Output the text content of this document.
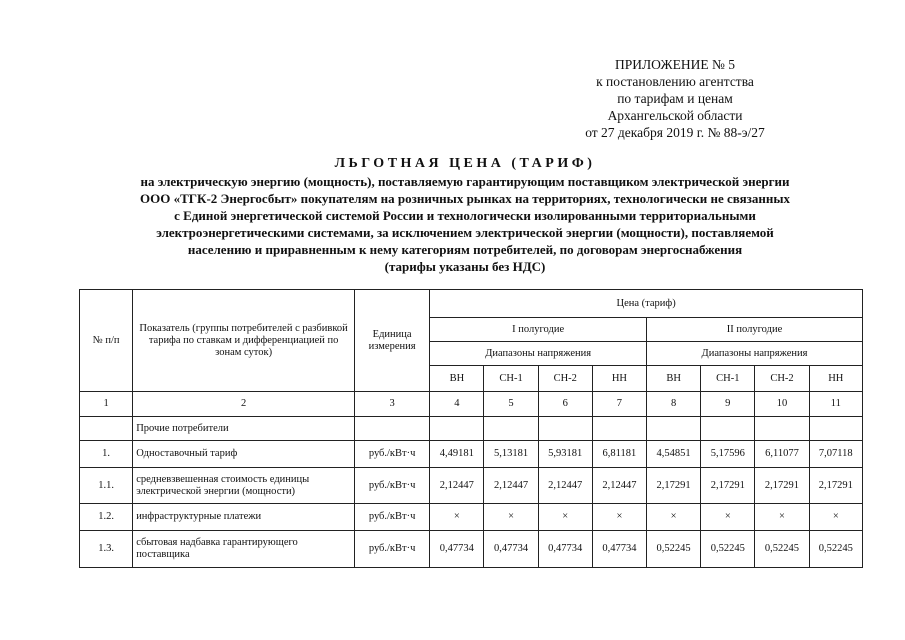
ПРИЛОЖЕНИЕ № 5
к постановлению агентства
по тарифам и ценам
Архангельской области
от 27 декабря 2019 г. № 88-э/27
ЛЬГОТНАЯ ЦЕНА (ТАРИФ)
на электрическую энергию (мощность), поставляемую гарантирующим поставщиком электрической энергии
ООО «ТГК-2 Энергосбыт» покупателям на розничных рынках на территориях, технологически не связанных
с Единой энергетической системой России и технологически изолированными территориальными
электроэнергетическими системами, за исключением электрической энергии (мощности), поставляемой
населению и приравненным к нему категориям потребителей, по договорам энергоснабжения
(тарифы указаны без НДС)
№ п/п	Показатель (группы потребителей с разбивкой тарифа по ставкам и дифференциацией по зонам суток)	Единица измерения	Цена (тариф)							
			I полугодие				II полугодие			
			Диапазоны напряжения				Диапазоны напряжения			
			ВН	СН-1	СН-2	НН	ВН	СН-1	СН-2	НН
1	2	3	4	5	6	7	8	9	10	11
	Прочие потребители									
1.	Одноставочный тариф	руб./кВт·ч	4,49181	5,13181	5,93181	6,81181	4,54851	5,17596	6,11077	7,07118
1.1.	средневзвешенная стоимость единицы электрической энергии (мощности)	руб./кВт·ч	2,12447	2,12447	2,12447	2,12447	2,17291	2,17291	2,17291	2,17291
1.2.	инфраструктурные платежи	руб./кВт·ч	×	×	×	×	×	×	×	×
1.3.	сбытовая надбавка гарантирующего поставщика	руб./кВт·ч	0,47734	0,47734	0,47734	0,47734	0,52245	0,52245	0,52245	0,52245
